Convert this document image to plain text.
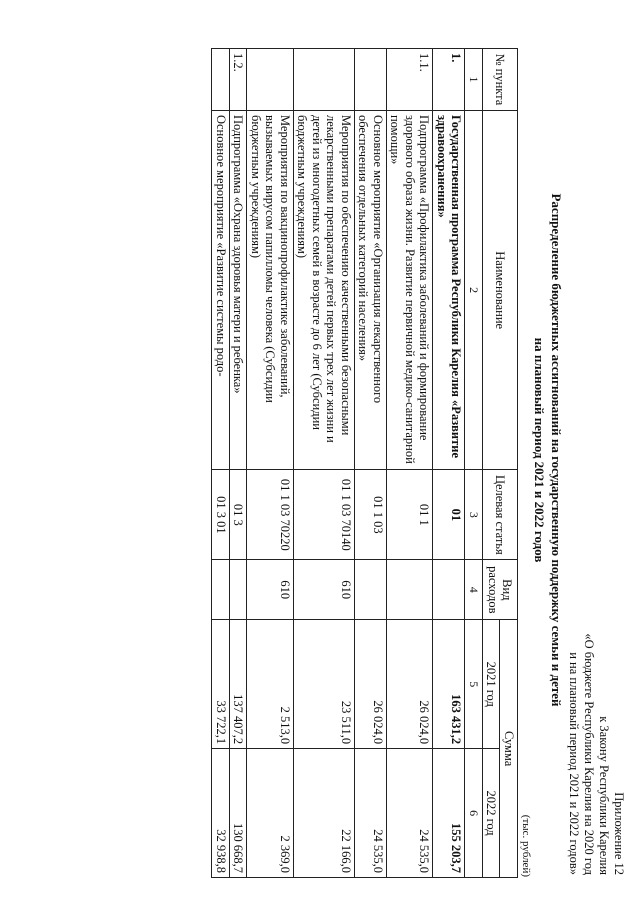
Приложение 12
к Закону Республики Карелия
«О бюджете Республики Карелия на 2020 год
и на плановый период 2021 и 2022 годов»
Распределение бюджетных ассигнований на государственную поддержку семьи и детей
на плановый период 2021 и 2022 годов
(тыс. рублей)
№ пункта	Наименование	Целевая статья	Вид расходов	Сумма	
				2021 год	2022 год
1	2	3	4	5	6
1.	Государственная программа Республики Карелия «Развитие здравоохранения»	01		163 431,2	155 203,7
1.1.	Подпрограмма «Профилактика заболеваний и формирование здорового образа жизни. Развитие первичной медико-санитарной помощи»	01 1		26 024,0	24 535,0
	Основное мероприятие «Организация лекарственного обеспечения отдельных категорий населения»	01 1 03		26 024,0	24 535,0
	Мероприятия по обеспечению качественными безопасными лекарственными препаратами детей первых трех лет жизни и детей из многодетных семей в возрасте до 6 лет (Субсидии бюджетным учреждениям)	01 1 03 70140	610	23 511,0	22 166,0
	Мероприятия по вакцинопрофилактике заболеваний, вызываемых вирусом папилломы человека (Субсидии бюджетным учреждениям)	01 1 03 70220	610	2 513,0	2 369,0
1.2.	Подпрограмма «Охрана здоровья матери и ребенка»	01 3		137 407,2	130 668,7
	Основное мероприятие «Развитие системы родо-	01 3 01		33 722,1	32 938,8
